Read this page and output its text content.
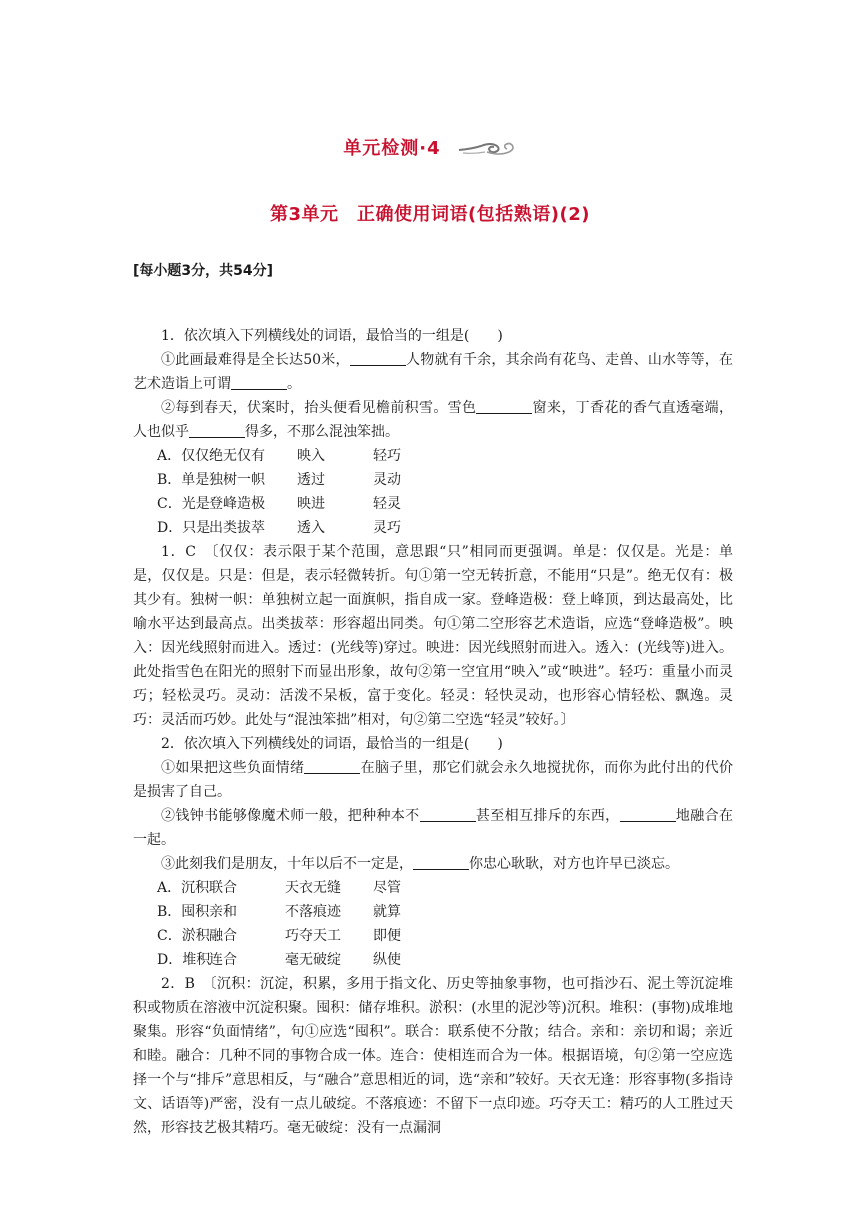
单元检测·4
第3单元　正确使用词语(包括熟语)(2)
[每小题3分，共54分]

1．依次填入下列横线处的词语，最恰当的一组是(　　)

①此画最难得是全长达50米，	人物就有千余，其余尚有花鸟、走兽、山水等等，在艺术造诣上可谓	。

②每到春天，伏案时，抬头便看见檐前积雪。雪色	窗来，丁香花的香气直透毫端，人也似乎	得多，不那么混浊笨拙。

A．仅仅绝无仅有 映入	轻巧
B．单是独树一帜 透过	灵动
C．光是登峰造极 映进	轻灵
D．只是出类拔萃 透入	灵巧

1．C　〔仅仅：表示限于某个范围，意思跟“只”相同而更强调。单是：仅仅是。光是：单是，仅仅是。只是：但是，表示轻微转折。句①第一空无转折意，不能用“只是”。绝无仅有：极其少有。独树一帜：单独树立起一面旗帜，指自成一家。登峰造极：登上峰顶，到达最高处，比喻水平达到最高点。出类拔萃：形容超出同类。句①第二空形容艺术造诣，应选“登峰造极”。映入：因光线照射而进入。透过：(光线等)穿过。映进：因光线照射而进入。透入：(光线等)进入。此处指雪色在阳光的照射下而显出形象，故句②第一空宜用“映入”或“映进”。轻巧：重量小而灵巧；轻松灵巧。灵动：活泼不呆板，富于变化。轻灵：轻快灵动，也形容心情轻松、飘逸。灵巧：灵活而巧妙。此处与“混浊笨拙”相对，句②第二空选“轻灵”较好。〕

2．依次填入下列横线处的词语，最恰当的一组是(　　)

①如果把这些负面情绪	在脑子里，那它们就会永久地搅扰你，而你为此付出的代价是损害了自己。

②钱钟书能够像魔术师一般，把种种本不	甚至相互排斥的东西，	地融合在一起。

③此刻我们是朋友，十年以后不一定是，	你忠心耿耿，对方也许早已淡忘。

A．沉积联合	天衣无缝 尽管
B．囤积亲和	不落痕迹 就算
C．淤积融合	巧夺天工 即便
D．堆积连合	毫无破绽 纵使

2．B　〔沉积：沉淀，积累，多用于指文化、历史等抽象事物，也可指沙石、泥土等沉淀堆积或物质在溶液中沉淀积聚。囤积：储存堆积。淤积：(水里的泥沙等)沉积。堆积：(事物)成堆地聚集。形容“负面情绪”，句①应选“囤积”。联合：联系使不分散；结合。亲和：亲切和谒；亲近和睦。融合：几种不同的事物合成一体。连合：使相连而合为一体。根据语境，句②第一空应选择一个与“排斥”意思相反，与“融合”意思相近的词，选“亲和”较好。天衣无逢：形容事物(多指诗文、话语等)严密，没有一点儿破绽。不落痕迹：不留下一点印迹。巧夺天工：精巧的人工胜过天然，形容技艺极其精巧。毫无破绽：没有一点漏洞
